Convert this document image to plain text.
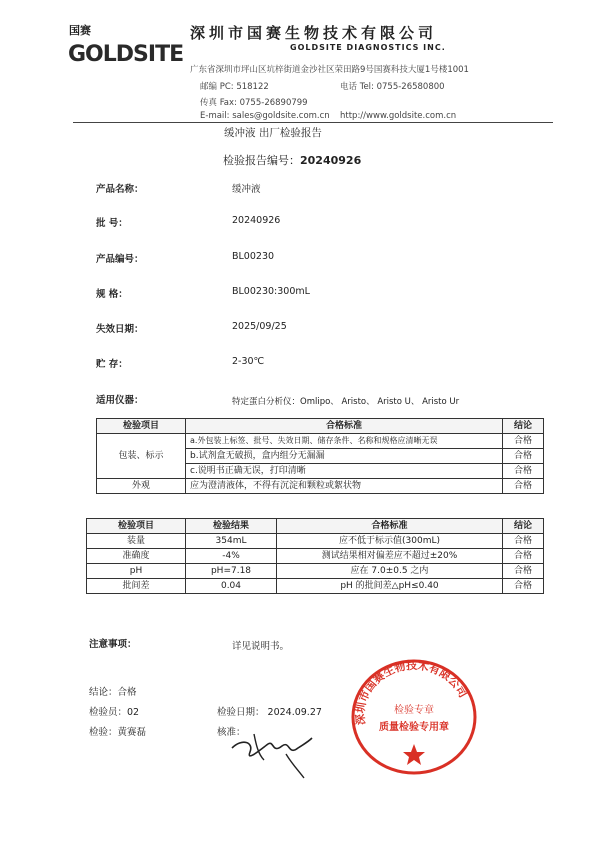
国赛
GOLDSITE
深圳市国赛生物技术有限公司
GOLDSITE DIAGNOSTICS INC.
广东省深圳市坪山区坑梓街道金沙社区荣田路9号国赛科技大厦1号楼1001
邮编 PC: 518122	电话 Tel: 0755-26580800
传真 Fax: 0755-26890799
E-mail: sales@goldsite.com.cn http://www.goldsite.com.cn
缓冲液 出厂检验报告
检验报告编号：20240926
产品名称：	缓冲液
批 号：	20240926
产品编号：	BL00230
规 格：	BL00230:300mL
失效日期：	2025/09/25
贮 存：	2-30℃
适用仪器：	特定蛋白分析仪：Omlipo、 Aristo、 Aristo U、 Aristo Ur
检验项目	合格标准	结论
包装、标示	a.外包装上标签、批号、失效日期、储存条件、名称和规格应清晰无误	合格
	b.试剂盒无破损，盒内组分无漏漏	合格
	c.说明书正确无误，打印清晰	合格
外观	应为澄清液体，不得有沉淀和颗粒或絮状物	合格
检验项目	检验结果	合格标准	结论
装量	354mL	应不低于标示值(300mL)	合格
准确度	-4%	测试结果相对偏差应不超过±20%	合格
pH	pH=7.18	应在 7.0±0.5 之内	合格
批间差	0.04	pH 的批间差△pH≤0.40	合格
注意事项：	详见说明书。
结论：合格
检验员：02	检验日期： 2024.09.27
检验：黄赛磊	核准：
深圳市国赛生物技术有限公司
检验专章
质量检验专用章
